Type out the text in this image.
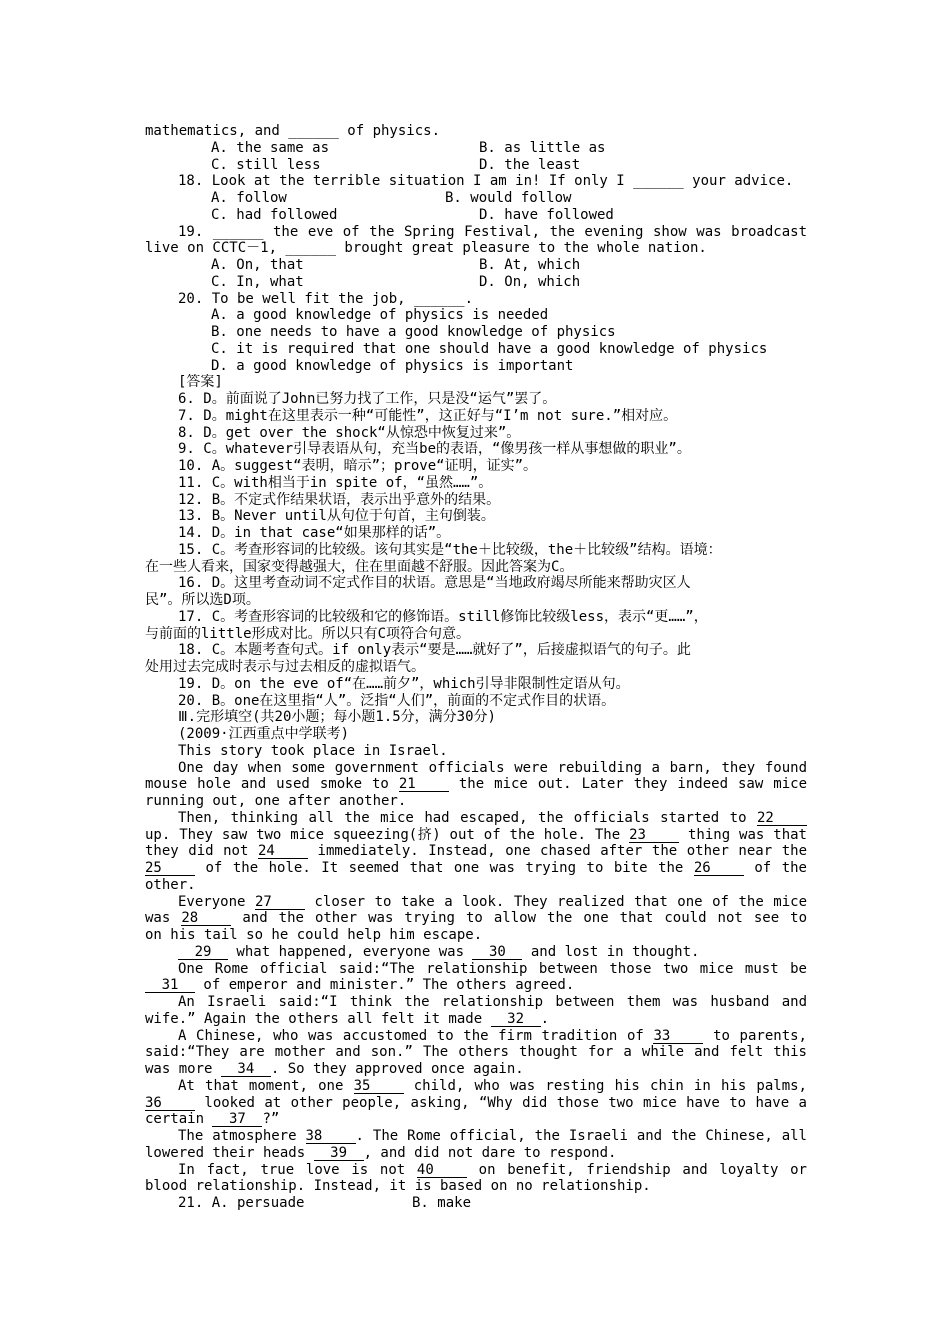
mathematics, and ______ of physics.
A. the same as	B. as little as
C. still less	D. the least
18. Look at the terrible situation I am in! If only I ______ your advice.
A. follow	B. would follow
C. had followed	D. have followed
19. ______ the eve of the Spring Festival, the evening show was broadcast
live on CCTC－1, ______ brought great pleasure to the whole nation.
A. On, that	B. At, which
C. In, what	D. On, which
20. To be well fit the job, ______.
A. a good knowledge of physics is needed
B. one needs to have a good knowledge of physics
C. it is required that one should have a good knowledge of physics
D. a good knowledge of physics is important
[答案]
6. D。前面说了John已努力找了工作，只是没“运气”罢了。
7. D。might在这里表示一种“可能性”，这正好与“I’m not sure.”相对应。
8. D。get over the shock“从惊恐中恢复过来”。
9. C。whatever引导表语从句，充当be的表语，“像男孩一样从事想做的职业”。
10. A。suggest“表明，暗示”；prove“证明，证实”。
11. C。with相当于in spite of，“虽然……”。
12. B。不定式作结果状语，表示出乎意外的结果。
13. B。Never until从句位于句首，主句倒装。
14. D。in that case“如果那样的话”。
15. C。考查形容词的比较级。该句其实是“the＋比较级，the＋比较级”结构。语境：
在一些人看来，国家变得越强大，住在里面越不舒服。因此答案为C。
16. D。这里考查动词不定式作目的状语。意思是“当地政府竭尽所能来帮助灾区人
民”。所以选D项。
17. C。考查形容词的比较级和它的修饰语。still修饰比较级less，表示“更……”，
与前面的little形成对比。所以只有C项符合句意。
18. C。本题考查句式。if only表示“要是……就好了”，后接虚拟语气的句子。此
处用过去完成时表示与过去相反的虚拟语气。
19. D。on the eve of“在……前夕”，which引导非限制性定语从句。
20. B。one在这里指“人”。泛指“人们”，前面的不定式作目的状语。
Ⅲ.完形填空(共20小题；每小题1.5分，满分30分)
(2009·江西重点中学联考)
This story took place in Israel.
One day when some government officials were rebuilding a barn, they found
mouse hole and used smoke to 21 the mice out. Later they indeed saw mice
running out, one after another.
Then, thinking all the mice had escaped, the officials started to 22
up. They saw two mice squeezing(挤) out of the hole. The 23 thing was that
they did not 24 immediately. Instead, one chased after the other near the
25 of the hole. It seemed that one was trying to bite the 26 of the
other.
Everyone 27 closer to take a look. They realized that one of the mice
was 28	and the other was trying to allow the one that could not see to
on his tail so he could help him escape.
29 what happened, everyone was 30 and lost in thought.
One Rome official said:“The relationship between those two mice must be
31 of emperor and minister.” The others agreed.
An Israeli said:“I think the relationship between them was husband and
wife.” Again the others all felt it made 32 .
A Chinese, who was accustomed to the firm tradition of 33 to parents,
said:“They are mother and son.” The others thought for a while and felt this
was more 34 . So they approved once again.
At that moment, one 35 child, who was resting his chin in his palms,
36 looked at other people, asking, “Why did those two mice have to have a
certain 37 ?”
The atmosphere 38 . The Rome official, the Israeli and the Chinese, all
lowered their heads 39 , and did not dare to respond.
In fact, true love is not 40 on benefit, friendship and loyalty or
blood relationship. Instead, it is based on no relationship.
21. A. persuade	B. make
